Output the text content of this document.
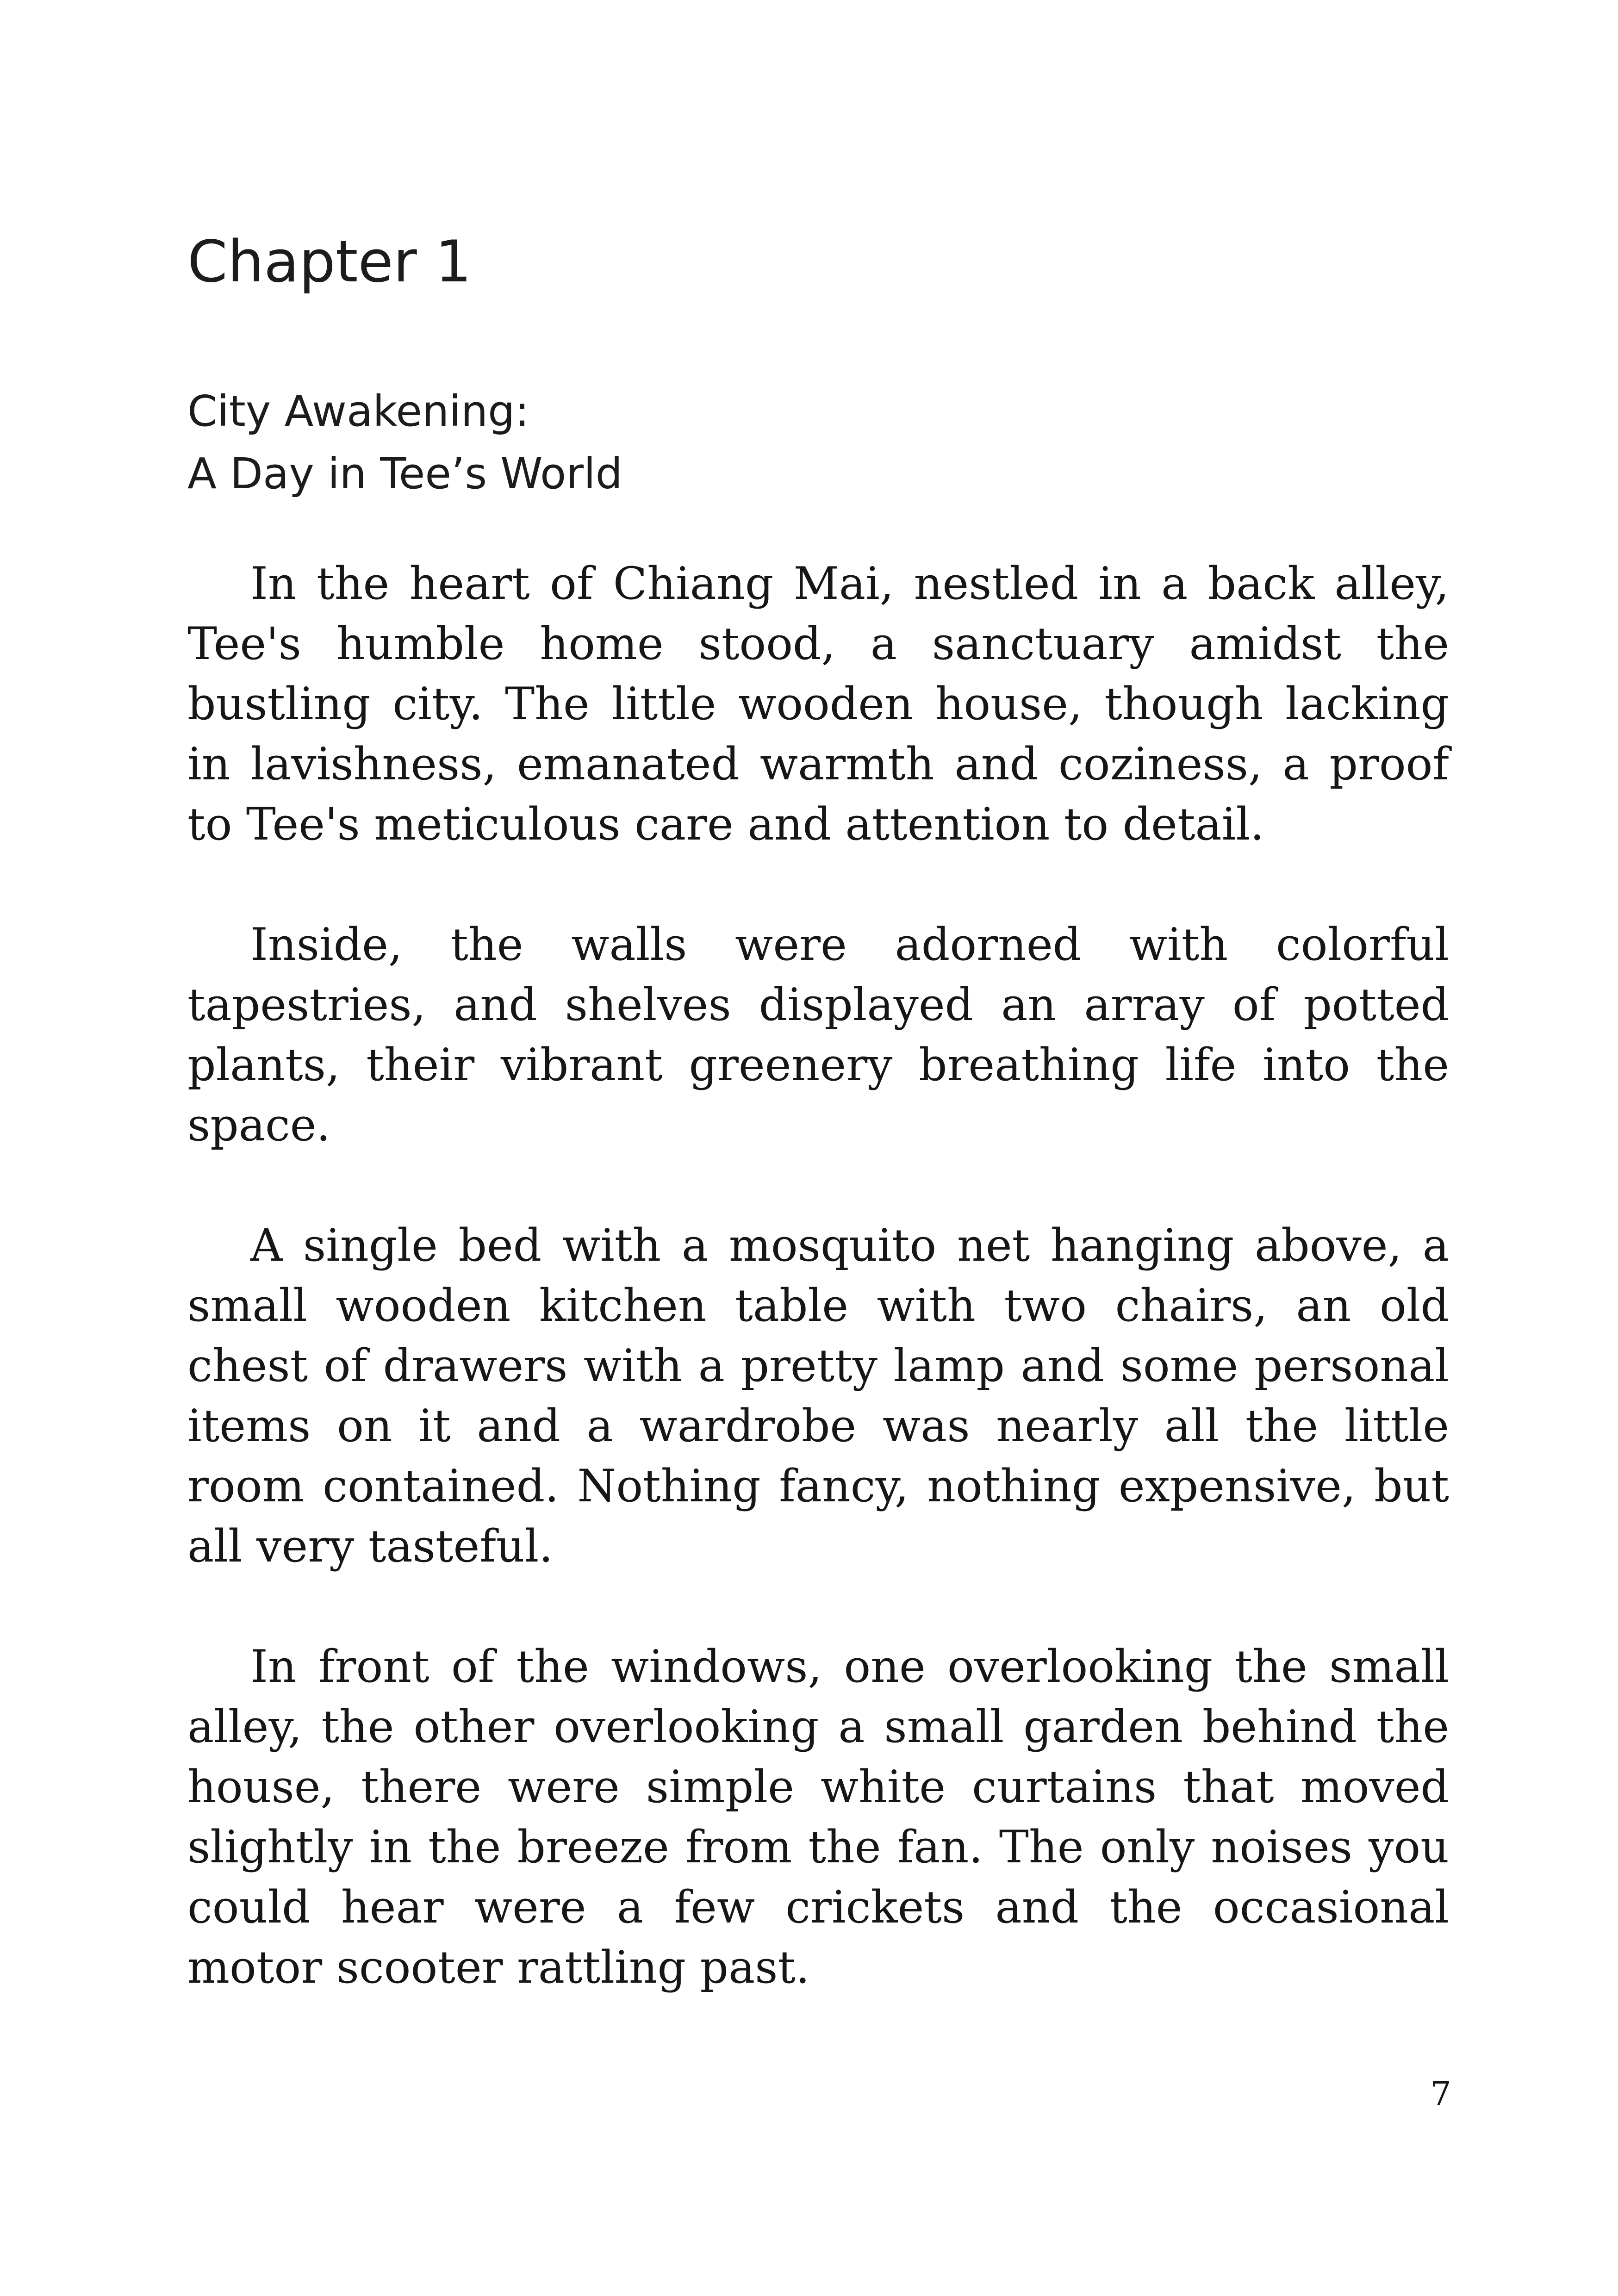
Chapter 1
City Awakening:
A Day in Tee’s World

In the heart of Chiang Mai, nestled in a back alley, Tee's humble home stood, a sanctuary amidst the bustling city. The little wooden house, though lacking in lavishness, emanated warmth and coziness, a proof to Tee's meticulous care and attention to detail.

Inside, the walls were adorned with colorful tapestries, and shelves displayed an array of potted plants, their vibrant greenery breathing life into the space.

A single bed with a mosquito net hanging above, a small wooden kitchen table with two chairs, an old chest of drawers with a pretty lamp and some personal items on it and a wardrobe was nearly all the little room contained. Nothing fancy, nothing expensive, but all very tasteful.

In front of the windows, one overlooking the small alley, the other overlooking a small garden behind the house, there were simple white curtains that moved slightly in the breeze from the fan. The only noises you could hear were a few crickets and the occasional motor scooter rattling past.

7
